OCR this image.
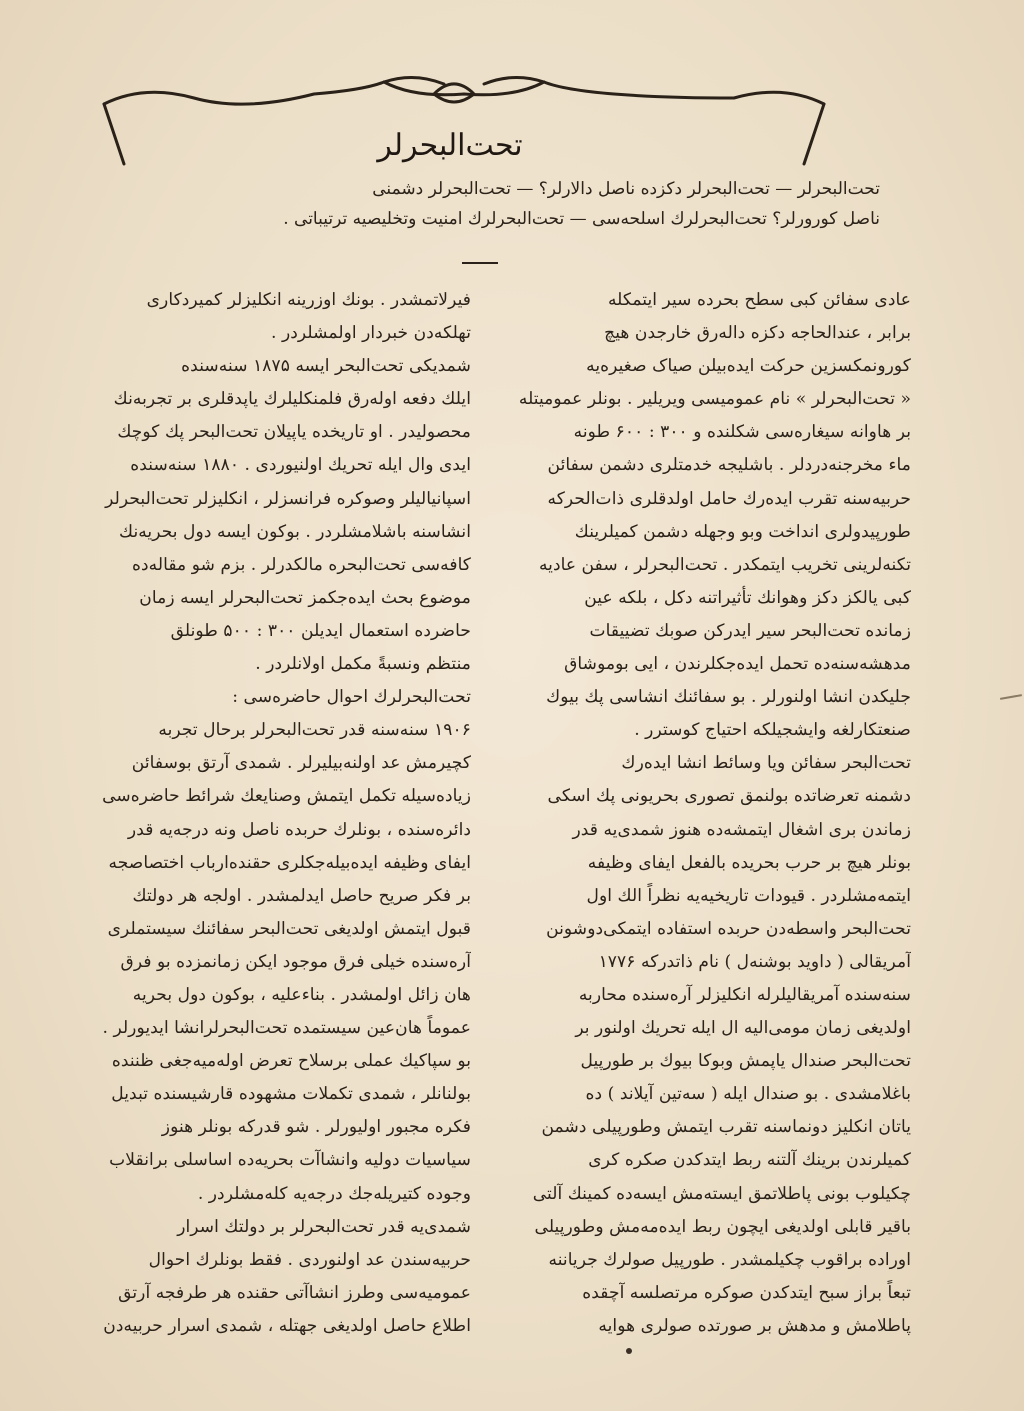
تحت‌البحرلر

تحت‌البحرلر — تحت‌البحرلر دکزده ناصل دالارلر؟ — تحت‌البحرلر دشمنی

ناصل کورورلر؟ تحت‌البحرلرك اسلحه‌سی — تحت‌البحرلرك امنیت وتخلیصیه ترتیباتی .

عادی سفائن کبی سطح بحرده سیر ایتمکله
برابر ، عندالحاجه دکزه دالەرق خارجدن هیچ
کورونمکسزین حرکت ایده‌بیلن صیاک صغیره‌یه
« تحت‌البحرلر » نام عمومیسی ویریلیر . بونلر عمومیتله
بر هاوانه سیغاره‌سی شکلنده و ۳۰۰ : ۶۰۰ طونه
ماء مخرجنه‌دردلر . باشلیجه خدمتلری دشمن سفائن
حربیه‌سنه تقرب ایده‌رك حامل اولدقلری ذات‌الحرکه
طورپیدولری انداخت وبو وجهله دشمن کمیلرینك
تکنه‌لرینی تخریب ایتمکدر . تحت‌البحرلر ، سفن عادیه
کبی یالکز دکز وهوانك تأثیراتنه دکل ، بلکه عین
زمانده تحت‌البحر سیر ایدرکن صوبك تضییقات
مدهشه‌سنه‌ده تحمل ایده‌جکلرندن ، ایی بوموشاق
جلیکدن انشا اولنورلر . بو سفائنك انشاسی پك بیوك
صنعتکارلغه وایشجیلکه احتیاج کوسترر .
تحت‌البحر سفائن ویا وسائط انشا ایدەرك
دشمنه تعرضاتده بولنمق تصوری بحریونی پك اسکی
زماندن بری اشغال ایتمشەده هنوز شمدی‌یه قدر
بونلر هیچ بر حرب بحریده بالفعل ایفای وظیفه
ایتمه‌مشلردر . قیودات تاریخیه‌یه نظراً الك اول
تحت‌البحر واسطه‌دن حربده استفاده ایتمکی‌دوشونن
آمریقالی ( داوید بوشنه‌ل ) نام ذاتدرکه ۱۷۷۶
سنه‌سنده آمریقالیلرله انکلیزلر آره‌سنده محاربه
اولدیغی زمان مومی‌الیه ال ایله تحریك اولنور بر
تحت‌البحر صندال یاپمش وبوکا بیوك بر طورپیل
باغلامشدی . بو صندال ایله ( سه‌تین آیلاند ) ده
یاتان انکلیز دونماسنه تقرب ایتمش وطورپیلی دشمن
کمیلرندن برینك آلتنه ربط ایتدکدن صکره کری
چکیلوب بونی پاطلاتمق ایسته‌مش ایسه‌ده کمینك آلتی
باقیر قابلی اولدیغی ایچون ربط ایده‌مه‌مش وطورپیلی
اوراده براقوب چکیلمشدر . طورپیل صولرك جریاننه
تبعاً براز سبح ایتدکدن صوکره مرتصلسه آچقده
پاطلامش و مدهش بر صورتده صولری هوایه
فیرلاتمشدر . بونك اوزرینه انکلیزلر کمیردکاری
تهلکه‌دن خبردار اولمشلردر .
شمدیکی تحت‌البحر ایسه ۱۸۷۵ سنه‌سنده
ایلك دفعه اولەرق فلمنکلیلرك یاپدقلری بر تجربه‌نك
محصولیدر . او تاریخده یاپیلان تحت‌البحر پك کوچك
ایدی وال ایله تحریك اولنیوردی . ۱۸۸۰ سنه‌سنده
اسپانیالیلر وصوکره فرانسزلر ، انکلیزلر تحت‌البحرلر
انشاسنه باشلامشلردر . بوکون ایسه دول بحریه‌نك
کافه‌سی تحت‌البحره مالکدرلر . بزم شو مقاله‌ده
موضوع بحث ایده‌جکمز تحت‌البحرلر ایسه زمان
حاضرده استعمال ایدیلن ۳۰۰ : ۵۰۰ طونلق
منتظم ونسبةً مکمل اولانلردر .
تحت‌البحرلرك احوال حاضره‌سی :
۱۹۰۶ سنه‌سنه قدر تحت‌البحرلر برحال تجربه
کچیرمش عد اولنه‌بیلیرلر . شمدی آرتق بوسفائن
زیاده‌سیله تکمل ایتمش وصنایعك شرائط حاضره‌سی
دائره‌سنده ، بونلرك حربده ناصل ونه درجه‌یه قدر
ایفای وظیفه ایده‌بیله‌جکلری حقنده‌ارباب اختصاصجه
بر فکر صریح حاصل ایدلمشدر . اولجه هر دولتك
قبول ایتمش اولدیغی تحت‌البحر سفائنك سیستملری
آره‌سنده خیلی فرق موجود ایکن زمانمزده بو فرق
هان زائل اولمشدر . بناءعلیه ، بوکون دول بحریه
عموماً هان‌عین سیستمده تحت‌البحرلرانشا ایدیورلر .
بو سپاکیك عملی برسلاح تعرض اوله‌میه‌جغی ظننده
بولنانلر ، شمدی تکملات مشهوده قارشیسنده تبدیل
فکره مجبور اولیورلر . شو قدرکه بونلر هنوز
سیاسیات دولیه وانشاآت بحریه‌ده اساسلی برانقلاب
وجوده کتیریله‌جك درجه‌یه کله‌مشلردر .
شمدی‌یه قدر تحت‌البحرلر بر دولتك اسرار
حربیه‌سندن عد اولنوردی . فقط بونلرك احوال
عمومیه‌سی وطرز انشاآتی حقنده هر طرفجه آرتق
اطلاع حاصل اولدیغی جهتله ، شمدی اسرار حربیه‌دن
